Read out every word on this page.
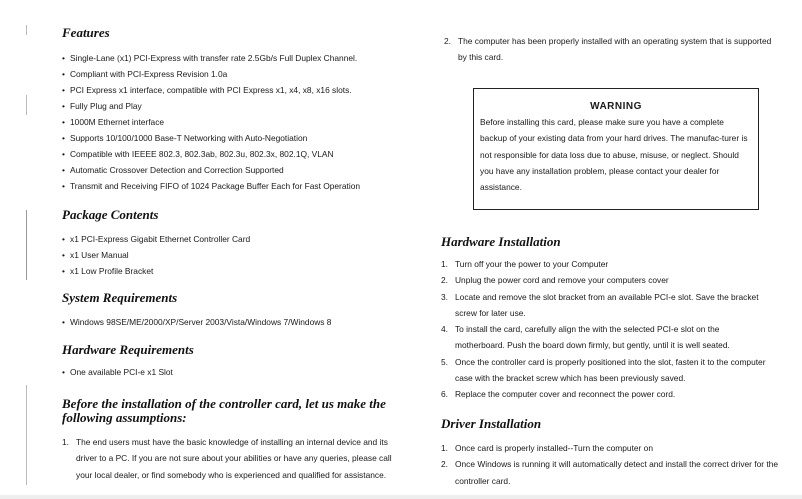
Features
• Single-Lane (x1) PCI-Express with transfer rate 2.5Gb/s Full Duplex Channel.
• Compliant with PCI-Express Revision 1.0a
• PCI Express x1 interface, compatible with PCI Express x1, x4, x8, x16 slots.
• Fully Plug and Play
• 1000M Ethernet interface
• Supports 10/100/1000 Base-T Networking with Auto-Negotiation
• Compatible with IEEEE 802.3, 802.3ab, 802.3u, 802.3x, 802.1Q, VLAN
• Automatic Crossover Detection and Correction Supported
• Transmit and Receiving FIFO of 1024 Package Buffer Each for Fast Operation
Package Contents
• x1 PCI-Express Gigabit Ethernet Controller Card
• x1 User Manual
• x1 Low Profile Bracket
System Requirements
• Windows 98SE/ME/2000/XP/Server 2003/Vista/Windows 7/Windows 8
Hardware Requirements
• One available PCI-e x1 Slot
Before the installation of the controller card, let us make the following assumptions:
1. The end users must have the basic knowledge of installing an internal device and its driver to a PC. If you are not sure about your abilities or have any queries, please call your local dealer, or find somebody who is experienced and qualified for assistance.
2. The computer has been properly installed with an operating system that is supported by this card.
WARNING

Before installing this card, please make sure you have a complete backup of your existing data from your hard drives. The manufac-turer is not responsible for data loss due to abuse, misuse, or neglect. Should you have any installation problem, please contact your dealer for assistance.

Hardware Installation
1. Turn off your the power to your Computer
2. Unplug the power cord and remove your computers cover
3. Locate and remove the slot bracket from an available PCI-e slot. Save the bracket screw for later use.
4. To install the card, carefully align the with the selected PCI-e slot on the motherboard. Push the board down firmly, but gently, until it is well seated.
5. Once the controller card is properly positioned into the slot, fasten it to the computer case with the bracket screw which has been previously saved.
6. Replace the computer cover and reconnect the power cord.
Driver Installation
1. Once card is properly installed--Turn the computer on
2. Once Windows is running it will automatically detect and install the correct driver for the controller card.
